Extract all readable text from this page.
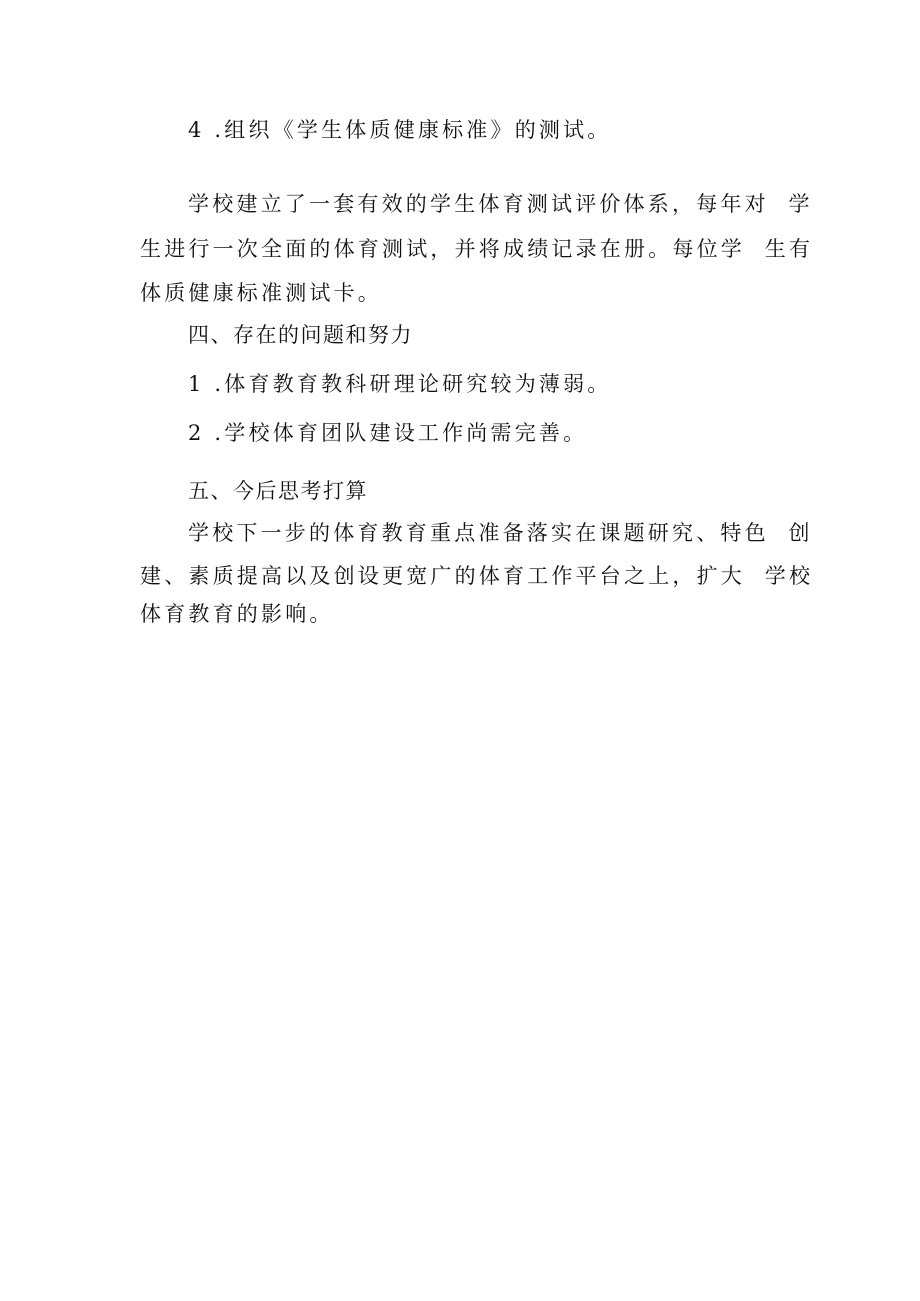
4 .组织《学生体质健康标准》的测试。
学校建立了一套有效的学生体育测试评价体系，每年对  学
生进行一次全面的体育测试，并将成绩记录在册。每位学  生有
体质健康标准测试卡。
四、存在的问题和努力
1 .体育教育教科研理论研究较为薄弱。
2 .学校体育团队建设工作尚需完善。
五、今后思考打算
学校下一步的体育教育重点准备落实在课题研究、特色  创
建、素质提高以及创设更宽广的体育工作平台之上，扩大  学校
体育教育的影响。
